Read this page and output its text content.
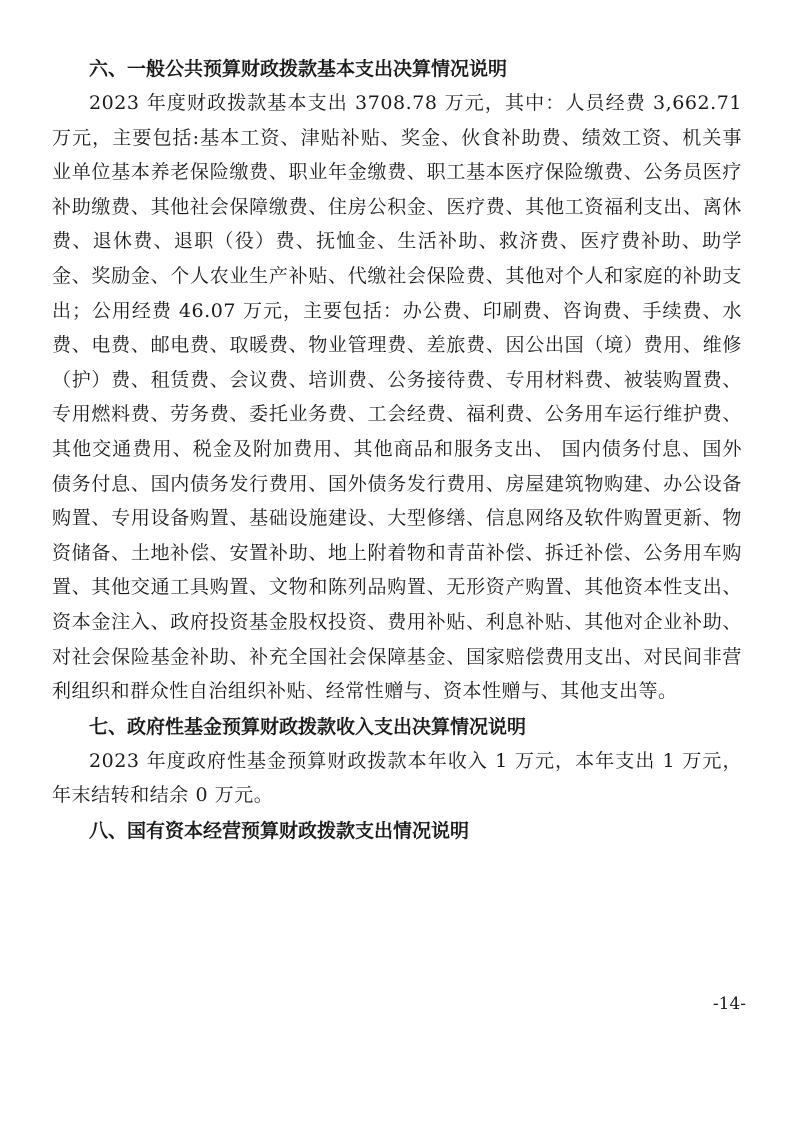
六、一般公共预算财政拨款基本支出决算情况说明

2023 年度财政拨款基本支出 3708.78 万元，其中：人员经费 3,662.71 万元，主要包括:基本工资、津贴补贴、奖金、伙食补助费、绩效工资、机关事业单位基本养老保险缴费、职业年金缴费、职工基本医疗保险缴费、公务员医疗补助缴费、其他社会保障缴费、住房公积金、医疗费、其他工资福利支出、离休费、退休费、退职（役）费、抚恤金、生活补助、救济费、医疗费补助、助学金、奖励金、个人农业生产补贴、代缴社会保险费、其他对个人和家庭的补助支出；公用经费 46.07 万元，主要包括：办公费、印刷费、咨询费、手续费、水费、电费、邮电费、取暖费、物业管理费、差旅费、因公出国（境）费用、维修（护）费、租赁费、会议费、培训费、公务接待费、专用材料费、被装购置费、专用燃料费、劳务费、委托业务费、工会经费、福利费、公务用车运行维护费、其他交通费用、税金及附加费用、其他商品和服务支出、 国内债务付息、国外债务付息、国内债务发行费用、国外债务发行费用、房屋建筑物购建、办公设备购置、专用设备购置、基础设施建设、大型修缮、信息网络及软件购置更新、物资储备、土地补偿、安置补助、地上附着物和青苗补偿、拆迁补偿、公务用车购置、其他交通工具购置、文物和陈列品购置、无形资产购置、其他资本性支出、资本金注入、政府投资基金股权投资、费用补贴、利息补贴、其他对企业补助、对社会保险基金补助、补充全国社会保障基金、国家赔偿费用支出、对民间非营利组织和群众性自治组织补贴、经常性赠与、资本性赠与、其他支出等。

七、政府性基金预算财政拨款收入支出决算情况说明

2023 年度政府性基金预算财政拨款本年收入 1 万元，本年支出 1 万元，年末结转和结余 0 万元。

八、国有资本经营预算财政拨款支出情况说明
-14-
